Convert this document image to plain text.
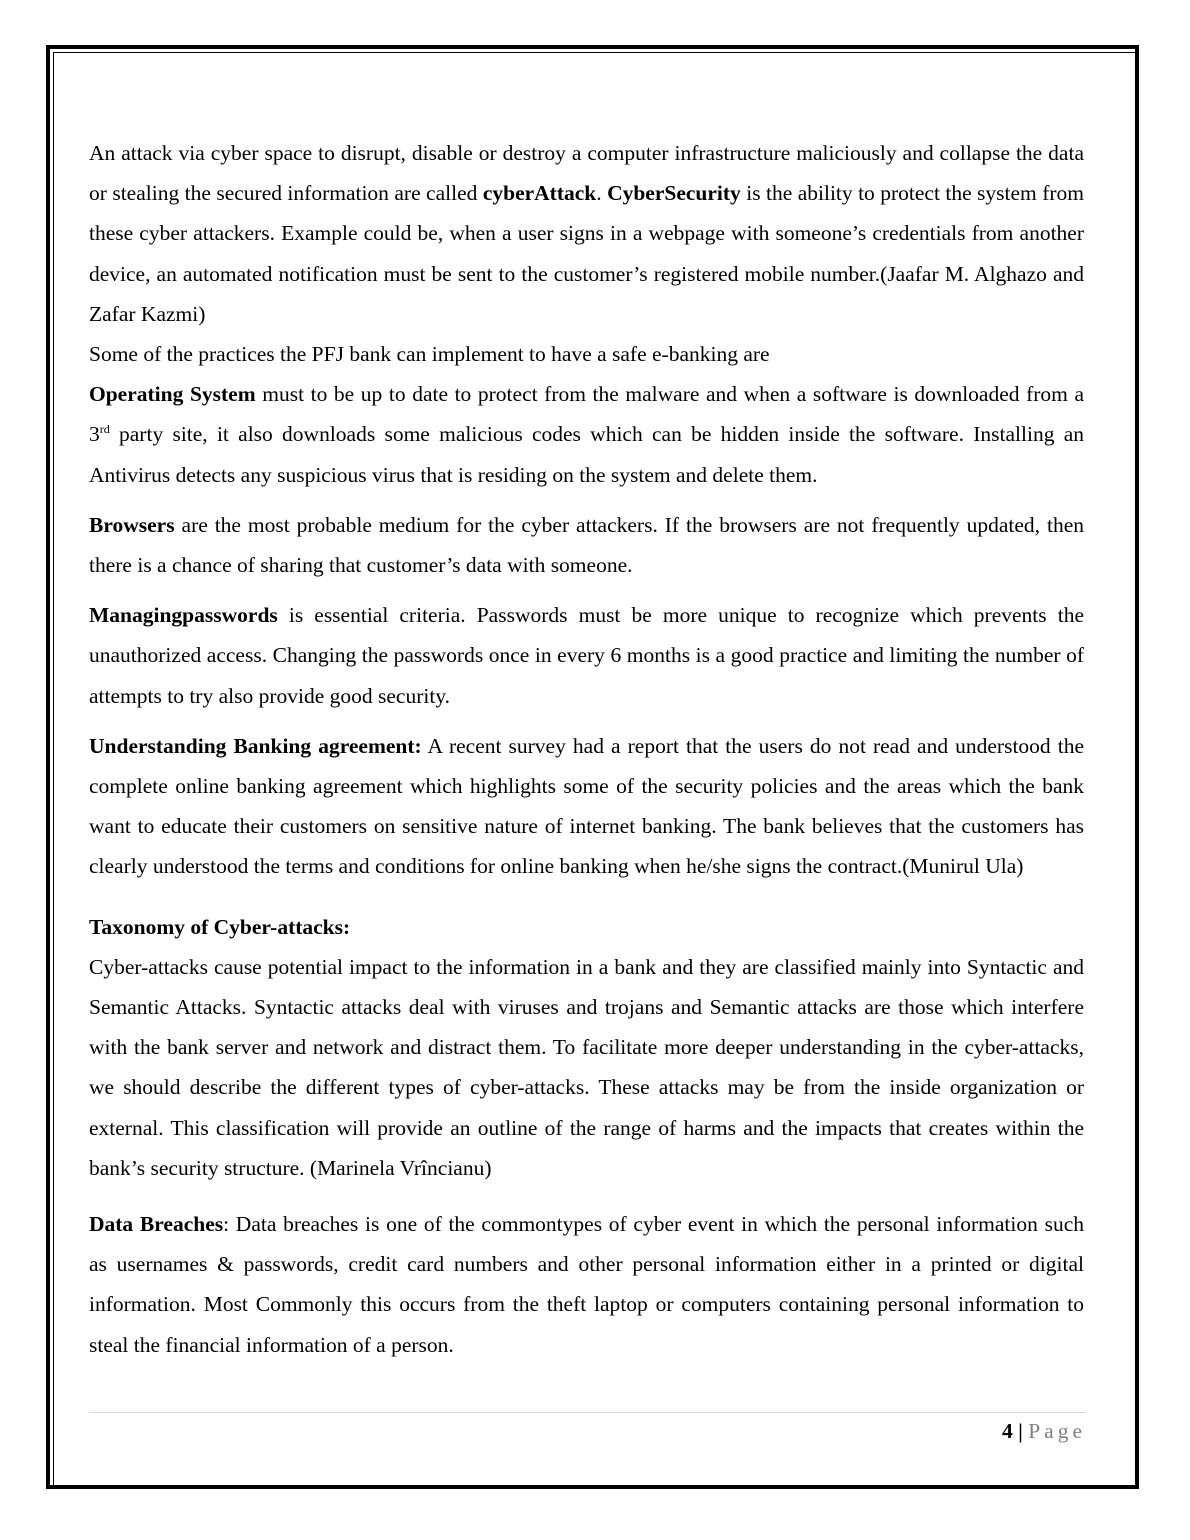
An attack via cyber space to disrupt, disable or destroy a computer infrastructure maliciously and collapse the data or stealing the secured information are called cyberAttack. CyberSecurity is the ability to protect the system from these cyber attackers. Example could be, when a user signs in a webpage with someone’s credentials from another device, an automated notification must be sent to the customer’s registered mobile number.(Jaafar M. Alghazo and Zafar Kazmi)

Some of the practices the PFJ bank can implement to have a safe e-banking are

Operating System must to be up to date to protect from the malware and when a software is downloaded from a 3rd party site, it also downloads some malicious codes which can be hidden inside the software. Installing an Antivirus detects any suspicious virus that is residing on the system and delete them.

Browsers are the most probable medium for the cyber attackers. If the browsers are not frequently updated, then there is a chance of sharing that customer’s data with someone.

Managingpasswords is essential criteria. Passwords must be more unique to recognize which prevents the unauthorized access. Changing the passwords once in every 6 months is a good practice and limiting the number of attempts to try also provide good security.

Understanding Banking agreement: A recent survey had a report that the users do not read and understood the complete online banking agreement which highlights some of the security policies and the areas which the bank want to educate their customers on sensitive nature of internet banking. The bank believes that the customers has clearly understood the terms and conditions for online banking when he/she signs the contract.(Munirul Ula)

Taxonomy of Cyber-attacks:

Cyber-attacks cause potential impact to the information in a bank and they are classified mainly into Syntactic and Semantic Attacks. Syntactic attacks deal with viruses and trojans and Semantic attacks are those which interfere with the bank server and network and distract them. To facilitate more deeper understanding in the cyber-attacks, we should describe the different types of cyber-attacks. These attacks may be from the inside organization or external. This classification will provide an outline of the range of harms and the impacts that creates within the bank’s security structure. (Marinela Vrîncianu)

Data Breaches: Data breaches is one of the commontypes of cyber event in which the personal information such as usernames & passwords, credit card numbers and other personal information either in a printed or digital information. Most Commonly this occurs from the theft laptop or computers containing personal information to steal the financial information of a person.

4 | Page
